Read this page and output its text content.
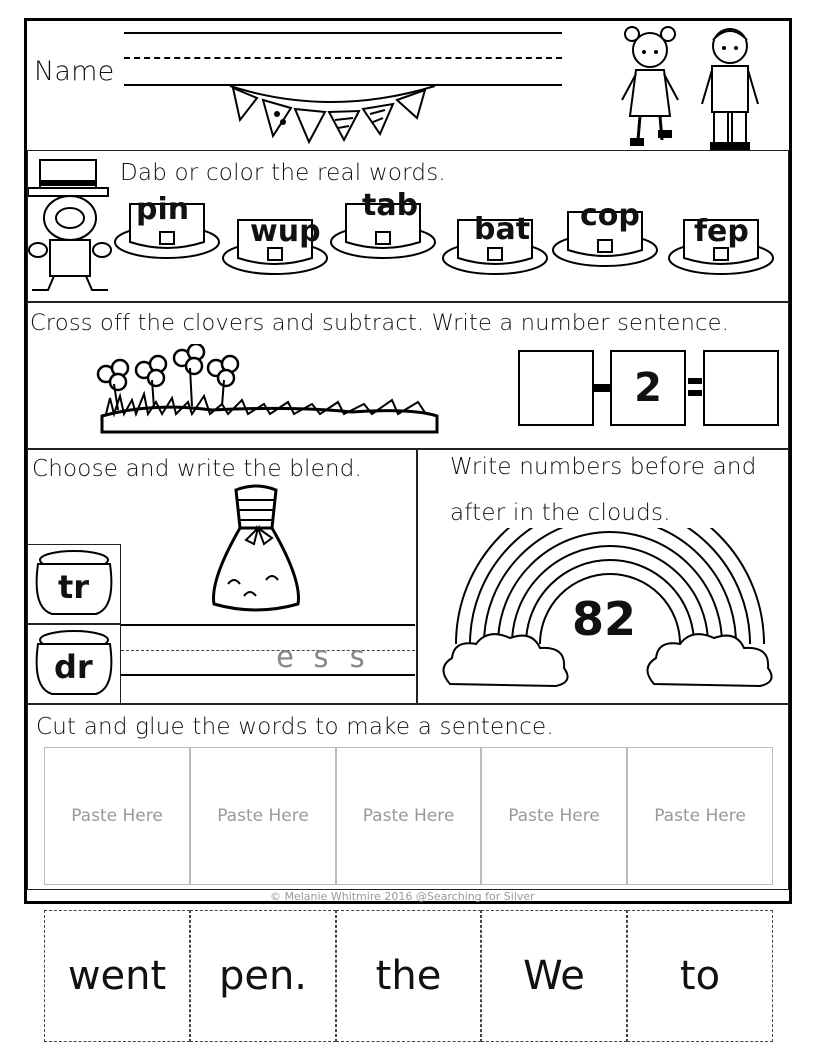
Name
Dab or color the real words.
pin
wup
tab
bat cop fep
Cross off the clovers and subtract. Write a number sentence.
2
Choose and write the blend.
tr
dr	ess
Write numbers before and
after in the clouds.
82
Cut and glue the words to make a sentence.
Paste Here	Paste Here	Paste Here	Paste Here	Paste Here
© Melanie Whitmire 2016 @Searching for Silver
went	pen.	the	We	to
